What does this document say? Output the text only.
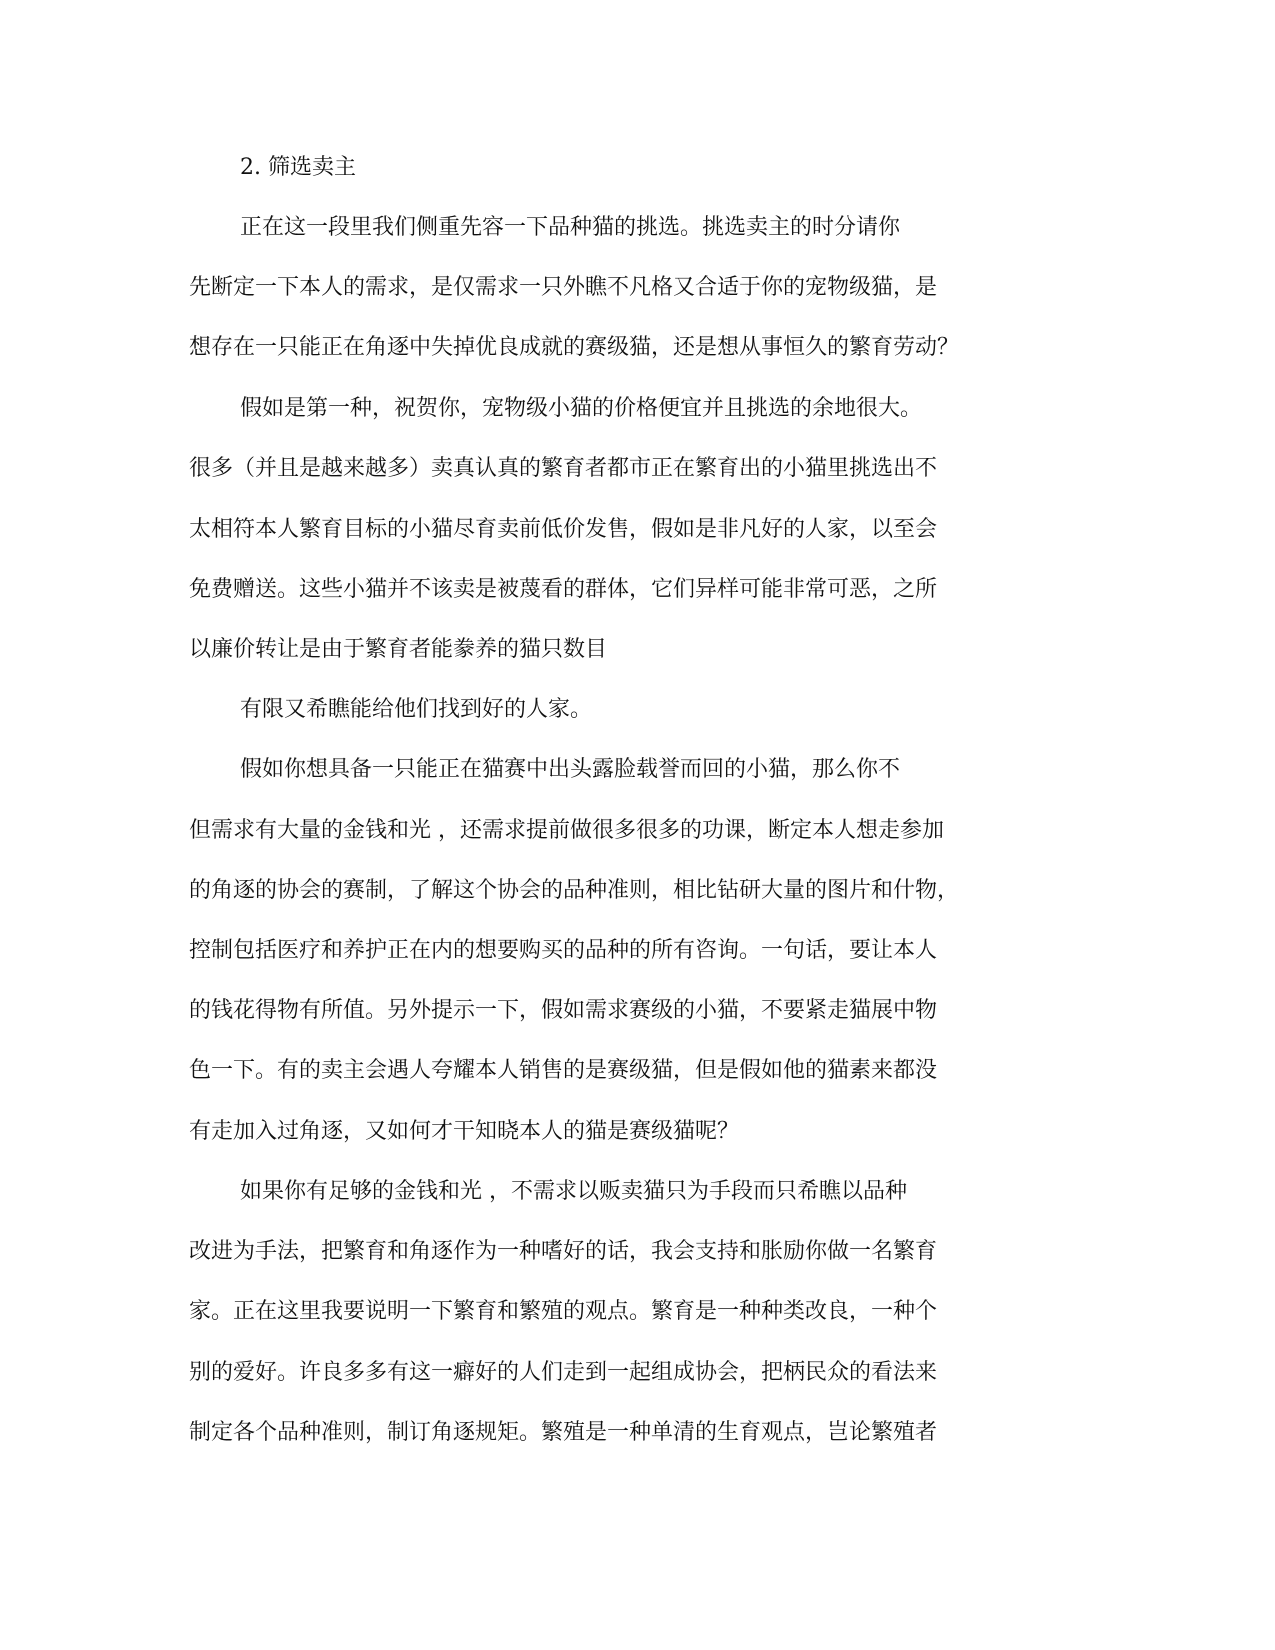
2. 筛选卖主
正在这一段里我们侧重先容一下品种猫的挑选。挑选卖主的时分请你
先断定一下本人的需求，是仅需求一只外瞧不凡格又合适于你的宠物级猫，是
想存在一只能正在角逐中失掉优良成就的赛级猫，还是想从事恒久的繁育劳动？
假如是第一种，祝贺你，宠物级小猫的价格便宜并且挑选的余地很大。
很多（并且是越来越多）卖真认真的繁育者都市正在繁育出的小猫里挑选出不
太相符本人繁育目标的小猫尽育卖前低价发售，假如是非凡好的人家，以至会
免费赠送。这些小猫并不该卖是被蔑看的群体，它们异样可能非常可恶，之所
以廉价转让是由于繁育者能豢养的猫只数目
有限又希瞧能给他们找到好的人家。
假如你想具备一只能正在猫赛中出头露脸载誉而回的小猫，那么你不
但需求有大量的金钱和光 ，还需求提前做很多很多的功课，断定本人想走参加
的角逐的协会的赛制，了解这个协会的品种准则，相比钻研大量的图片和什物，
控制包括医疗和养护正在内的想要购买的品种的所有咨询。一句话，要让本人
的钱花得物有所值。另外提示一下，假如需求赛级的小猫，不要紧走猫展中物
色一下。有的卖主会遇人夸耀本人销售的是赛级猫，但是假如他的猫素来都没
有走加入过角逐，又如何才干知晓本人的猫是赛级猫呢？
如果你有足够的金钱和光 ，不需求以贩卖猫只为手段而只希瞧以品种
改进为手法，把繁育和角逐作为一种嗜好的话，我会支持和胀励你做一名繁育
家。正在这里我要说明一下繁育和繁殖的观点。繁育是一种种类改良，一种个
别的爱好。许良多多有这一癖好的人们走到一起组成协会，把柄民众的看法来
制定各个品种准则，制订角逐规矩。繁殖是一种单清的生育观点，岂论繁殖者
